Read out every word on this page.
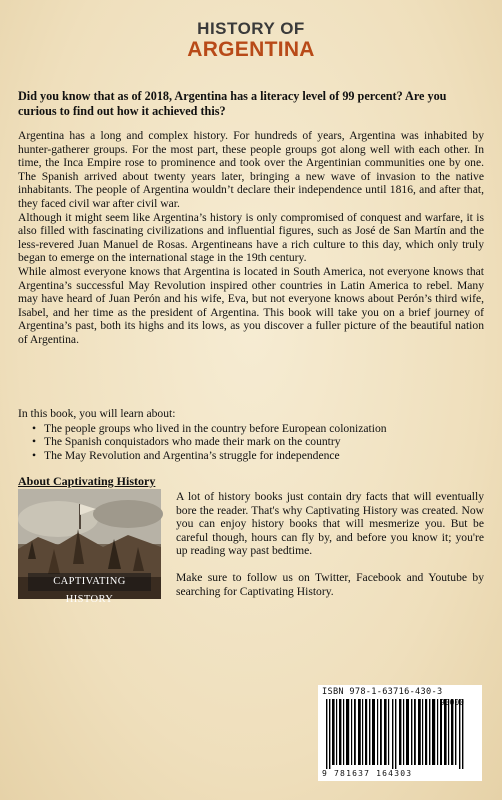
HISTORY OF
ARGENTINA
Did you know that as of 2018, Argentina has a literacy level of 99 percent? Are you curious to find out how it achieved this?

Argentina has a long and complex history. For hundreds of years, Argentina was inhabited by hunter-gatherer groups. For the most part, these people groups got along well with each other. In time, the Inca Empire rose to prominence and took over the Argentinian communities one by one. The Spanish arrived about twenty years later, bringing a new wave of invasion to the native inhabitants. The people of Argentina wouldn’t declare their independence until 1816, and after that, they faced civil war after civil war.

Although it might seem like Argentina’s history is only compromised of conquest and warfare, it is also filled with fascinating civilizations and influential figures, such as José de San Martín and the less-revered Juan Manuel de Rosas. Argentineans have a rich culture to this day, which only truly began to emerge on the international stage in the 19th century.

While almost everyone knows that Argentina is located in South America, not everyone knows that Argentina’s successful May Revolution inspired other countries in Latin America to rebel. Many may have heard of Juan Perón and his wife, Eva, but not everyone knows about Perón’s third wife, Isabel, and her time as the president of Argentina. This book will take you on a brief journey of Argentina’s past, both its highs and its lows, as you discover a fuller picture of the beautiful nation of Argentina.

In this book, you will learn about:
• The people groups who lived in the country before European colonization
• The Spanish conquistadors who made their mark on the country
• The May Revolution and Argentina’s struggle for independence
About Captivating History
CAPTIVATING HISTORY

A lot of history books just contain dry facts that will eventually bore the reader. That's why Captivating History was created. Now you can enjoy history books that will mesmerize you. But be careful though, hours can fly by, and before you know it; you're up reading way past bedtime.

Make sure to follow us on Twitter, Facebook and Youtube by searching for Captivating History.

ISBN 978-1-63716-430-3
9 781637 164303
